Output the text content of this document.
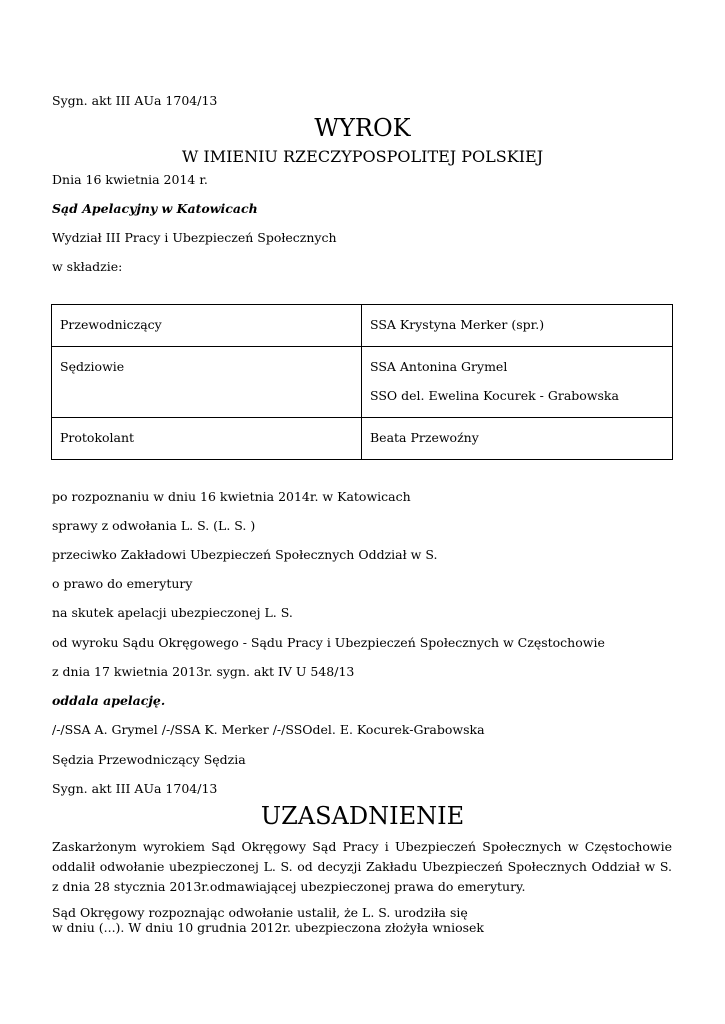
Sygn. akt III AUa 1704/13
WYROK
W IMIENIU RZECZYPOSPOLITEJ POLSKIEJ
Dnia 16 kwietnia 2014 r.
Sąd Apelacyjny w Katowicach
Wydział III Pracy i Ubezpieczeń Społecznych
w składzie:
Przewodniczący	SSA Krystyna Merker (spr.)

Sędziowie	SSA Antonina Grymel
SSO del. Ewelina Kocurek - Grabowska

Protokolant	Beata Przewoźny
po rozpoznaniu w dniu 16 kwietnia 2014r. w Katowicach
sprawy z odwołania L. S. (L. S. )
przeciwko Zakładowi Ubezpieczeń Społecznych Oddział w S.
o prawo do emerytury
na skutek apelacji ubezpieczonej L. S.
od wyroku Sądu Okręgowego - Sądu Pracy i Ubezpieczeń Społecznych w Częstochowie
z dnia 17 kwietnia 2013r. sygn. akt IV U 548/13
oddala apelację.
/-/SSA A. Grymel /-/SSA K. Merker /-/SSOdel. E. Kocurek-Grabowska
Sędzia Przewodniczący Sędzia
Sygn. akt III AUa 1704/13
UZASADNIENIE
Zaskarżonym wyrokiem Sąd Okręgowy Sąd Pracy i Ubezpieczeń Społecznych w Częstochowie oddalił odwołanie ubezpieczonej L. S. od decyzji Zakładu Ubezpieczeń Społecznych Oddział w S. z dnia 28 stycznia 2013r.odmawiającej ubezpieczonej prawa do emerytury.
Sąd Okręgowy rozpoznając odwołanie ustalił, że L. S. urodziła się
w dniu (...). W dniu 10 grudnia 2012r. ubezpieczona złożyła wniosek
